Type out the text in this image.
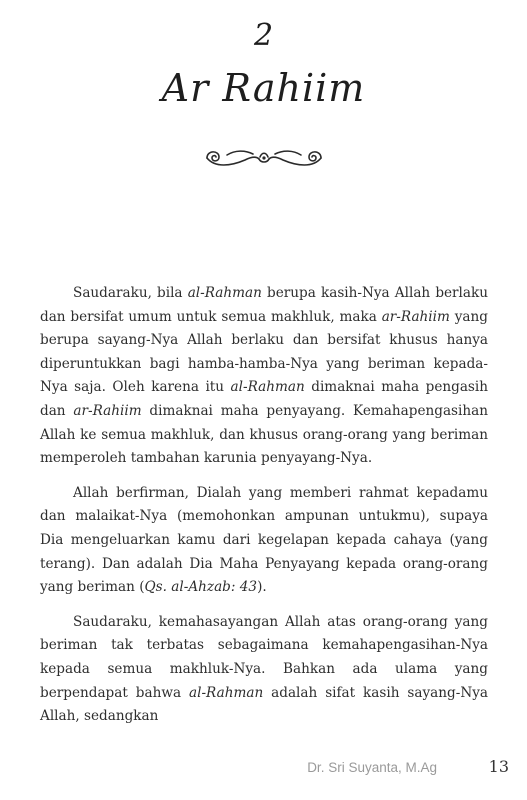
2
Ar Rahiim

Saudaraku, bila al-Rahman berupa kasih-Nya Allah berlaku dan bersifat umum untuk semua makhluk, maka ar-Rahiim yang berupa sayang-Nya Allah berlaku dan bersifat khusus hanya diperuntukkan bagi hamba-hamba-Nya yang beriman kepada-Nya saja. Oleh karena itu al-Rahman dimaknai maha pengasih dan ar-Rahiim dimaknai maha penyayang. Kemahapengasihan Allah ke semua makhluk, dan khusus orang-orang yang beriman memperoleh tambahan karunia penyayang-Nya.

Allah berfirman, Dialah yang memberi rahmat kepadamu dan malaikat-Nya (memohonkan ampunan untukmu), supaya Dia mengeluarkan kamu dari kegelapan kepada cahaya (yang terang). Dan adalah Dia Maha Penyayang kepada orang-orang yang beriman (Qs. al-Ahzab: 43).

Saudaraku, kemahasayangan Allah atas orang-orang yang beriman tak terbatas sebagaimana kemahapengasihan-Nya kepada semua makhluk-Nya. Bahkan ada ulama yang berpendapat bahwa al-Rahman adalah sifat kasih sayang-Nya Allah, sedangkan

Dr. Sri Suyanta, M.Ag	13
